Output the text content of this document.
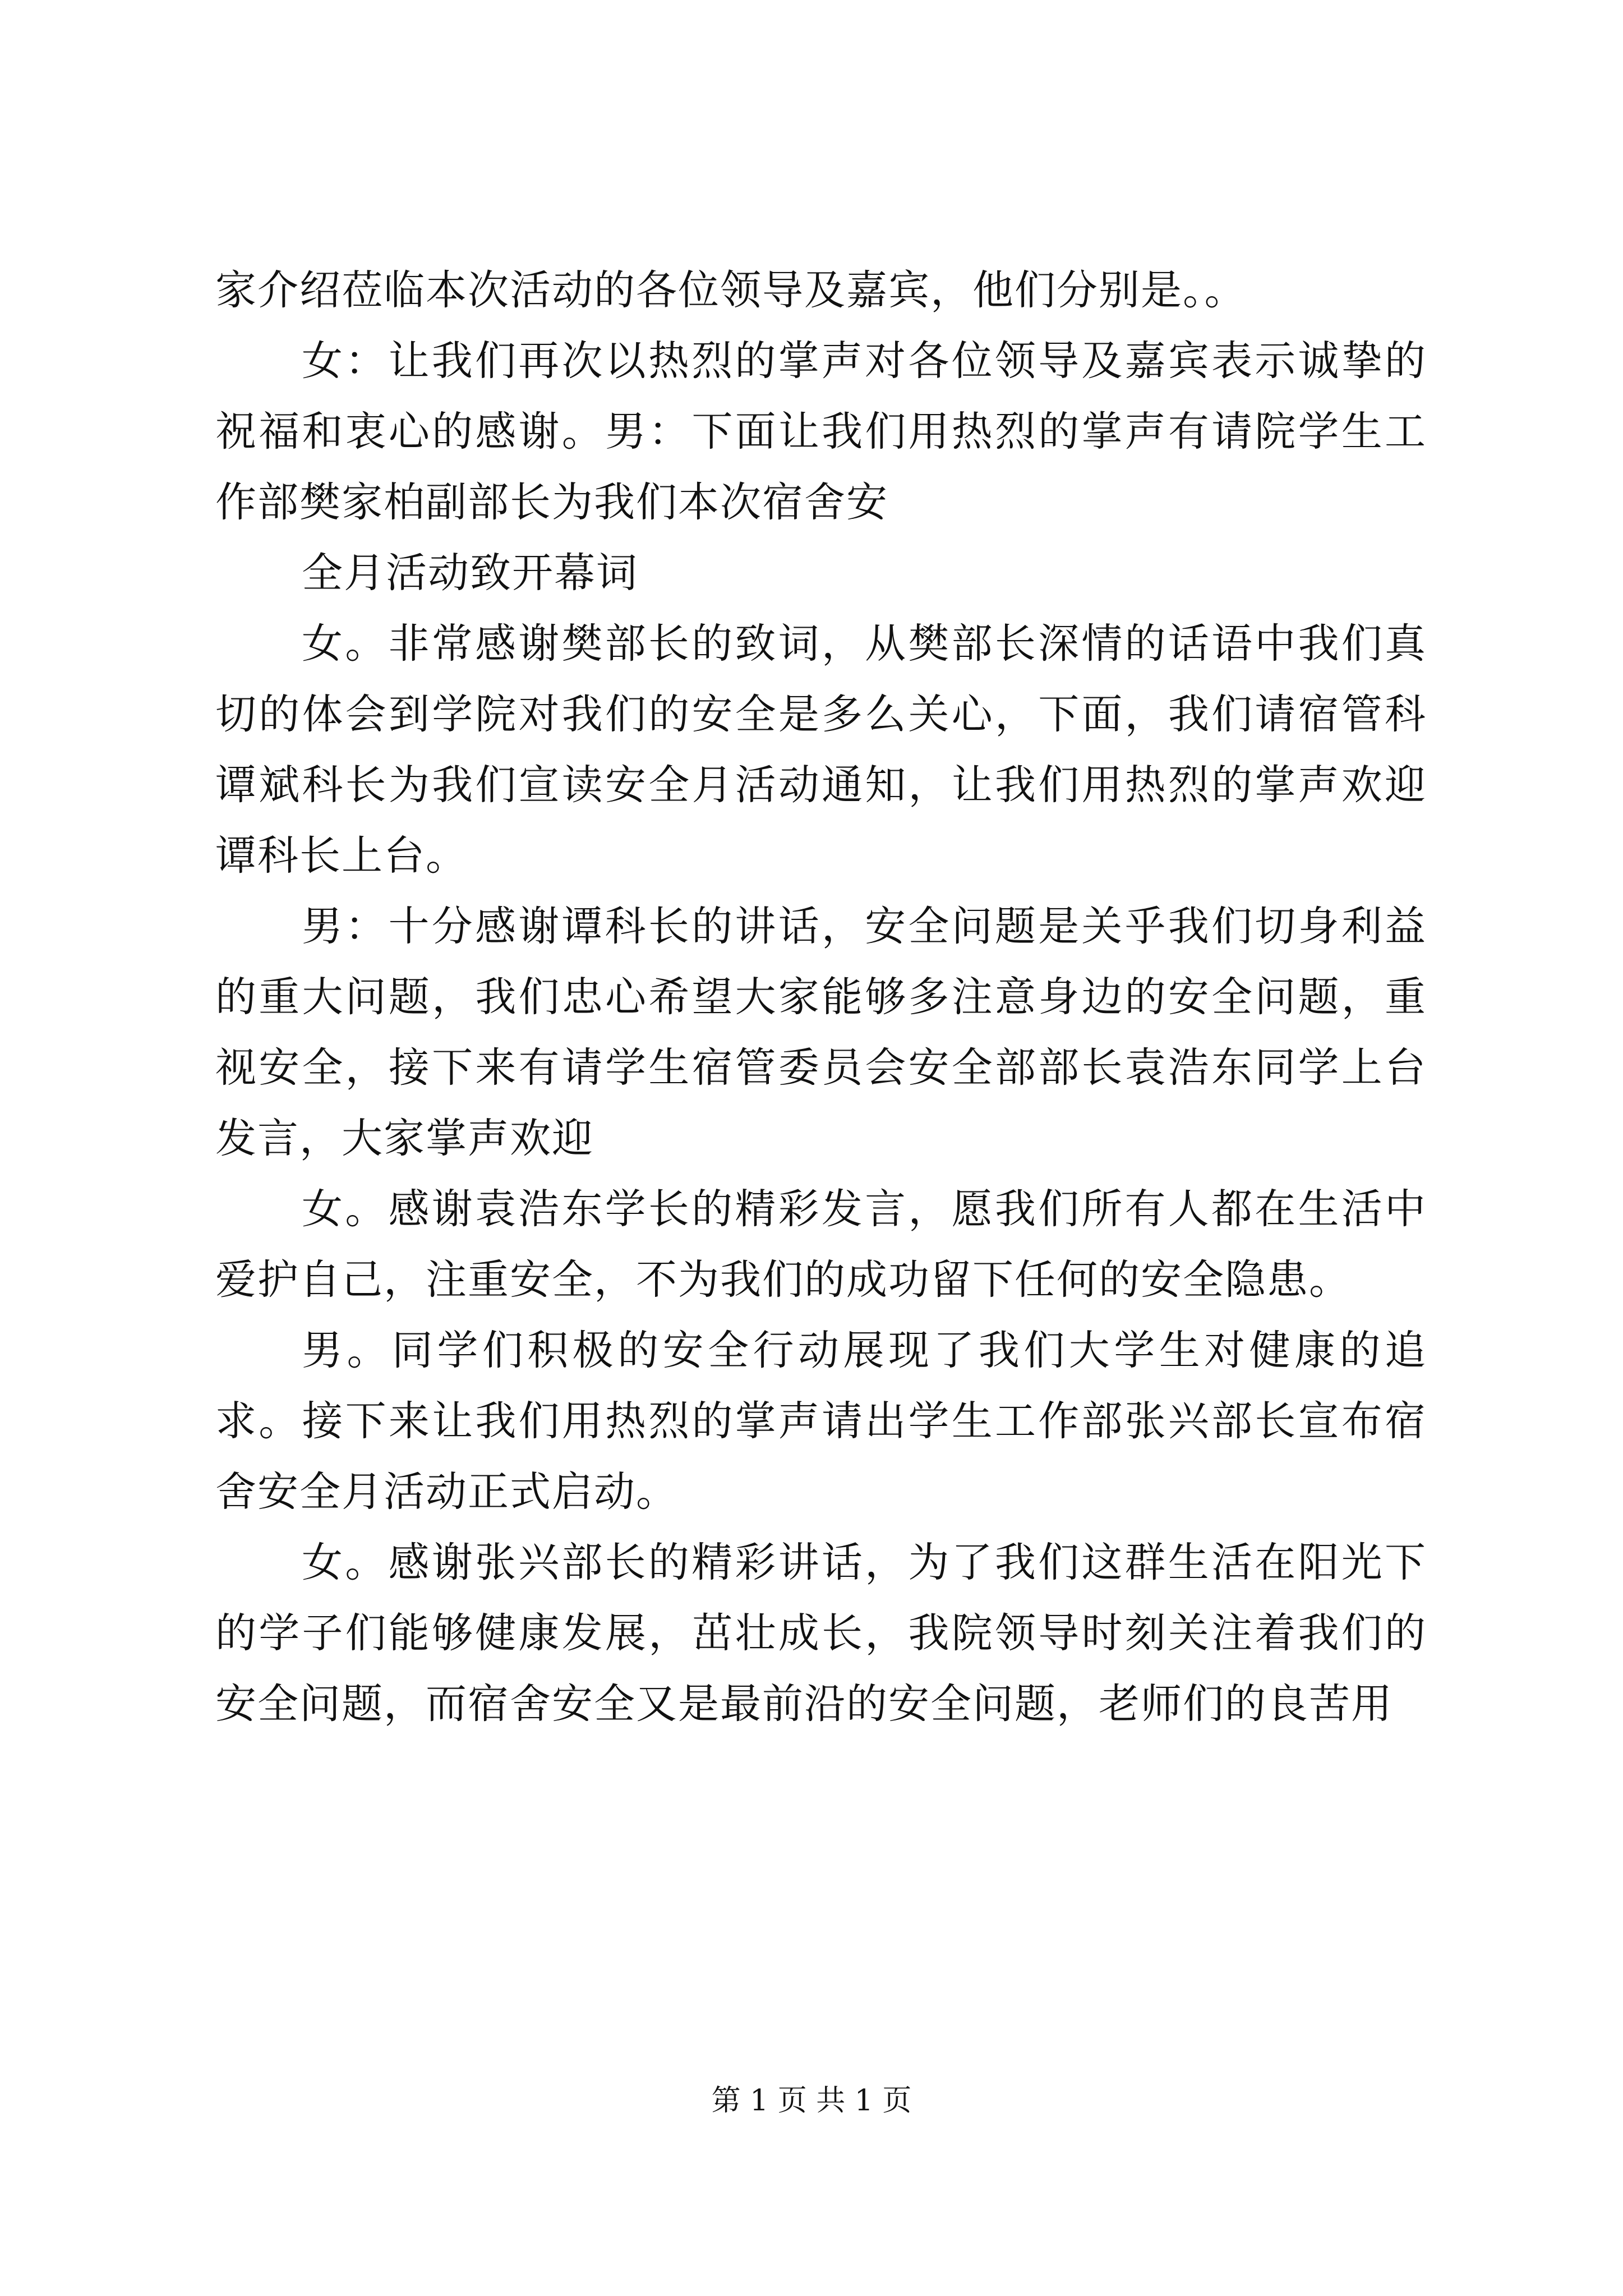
家介绍莅临本次活动的各位领导及嘉宾，他们分别是。。

女：让我们再次以热烈的掌声对各位领导及嘉宾表示诚挚的祝福和衷心的感谢。男：下面让我们用热烈的掌声有请院学生工作部樊家柏副部长为我们本次宿舍安

全月活动致开幕词

女。非常感谢樊部长的致词，从樊部长深情的话语中我们真切的体会到学院对我们的安全是多么关心，下面，我们请宿管科谭斌科长为我们宣读安全月活动通知，让我们用热烈的掌声欢迎谭科长上台。

男：十分感谢谭科长的讲话，安全问题是关乎我们切身利益的重大问题，我们忠心希望大家能够多注意身边的安全问题，重视安全，接下来有请学生宿管委员会安全部部长袁浩东同学上台发言，大家掌声欢迎

女。感谢袁浩东学长的精彩发言，愿我们所有人都在生活中爱护自己，注重安全，不为我们的成功留下任何的安全隐患。

男。同学们积极的安全行动展现了我们大学生对健康的追求。接下来让我们用热烈的掌声请出学生工作部张兴部长宣布宿舍安全月活动正式启动。

女。感谢张兴部长的精彩讲话，为了我们这群生活在阳光下的学子们能够健康发展，茁壮成长，我院领导时刻关注着我们的安全问题，而宿舍安全又是最前沿的安全问题，老师们的良苦用

第 1 页 共 1 页
